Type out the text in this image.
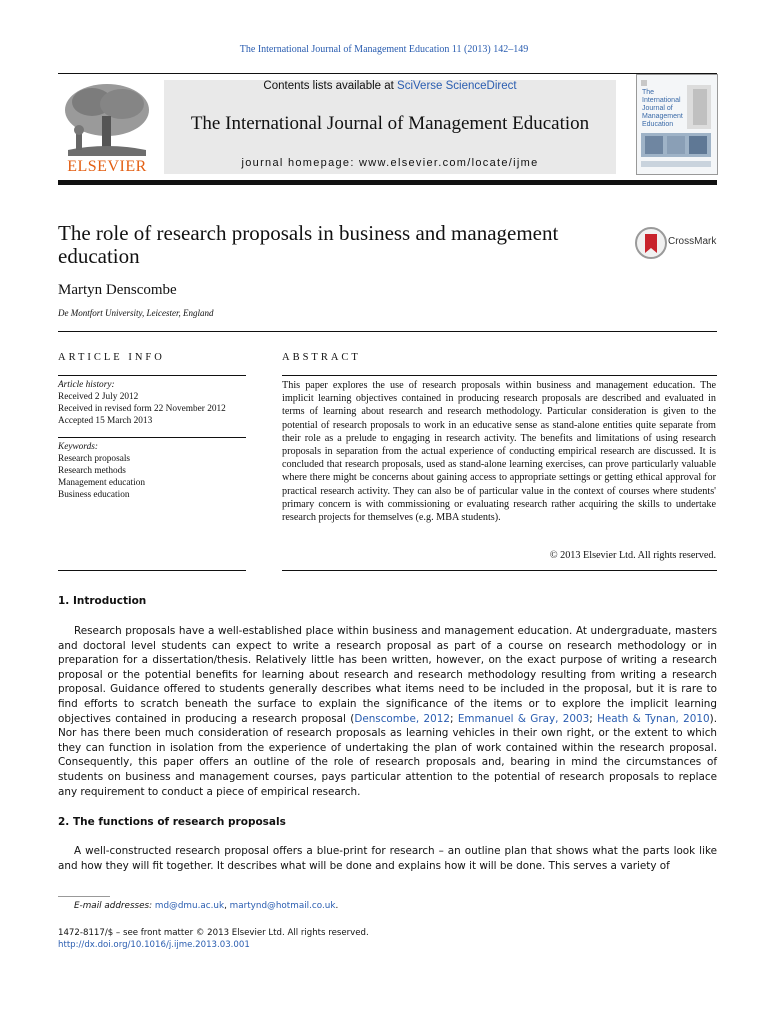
The International Journal of Management Education 11 (2013) 142–149
ELSEVIER
Contents lists available at SciVerse ScienceDirect
The International Journal of Management Education
journal homepage: www.elsevier.com/locate/ijme
The International Journal of Management Education
The role of research proposals in business and management education
CrossMark
Martyn Denscombe
De Montfort University, Leicester, England
ARTICLE INFO	ABSTRACT
Article history:
Received 2 July 2012
Received in revised form 22 November 2012
Accepted 15 March 2013
Keywords:
Research proposals
Research methods
Management education
Business education
This paper explores the use of research proposals within business and management education. The implicit learning objectives contained in producing research proposals are described and evaluated in terms of learning about research and research methodology. Particular consideration is given to the potential of research proposals to work in an educative sense as stand-alone entities quite separate from their role as a prelude to engaging in research activity. The benefits and limitations of using research proposals in separation from the actual experience of conducting empirical research are discussed. It is concluded that research proposals, used as stand-alone learning exercises, can prove particularly valuable where there might be concerns about gaining access to appropriate settings or getting ethical approval for practical research activity. They can also be of particular value in the context of courses where students' primary concern is with commissioning or evaluating research rather acquiring the skills to undertake research projects for themselves (e.g. MBA students).
© 2013 Elsevier Ltd. All rights reserved.
1. Introduction

Research proposals have a well-established place within business and management education. At undergraduate, masters and doctoral level students can expect to write a research proposal as part of a course on research methodology or in preparation for a dissertation/thesis. Relatively little has been written, however, on the exact purpose of writing a research proposal or the potential benefits for learning about research and research methodology resulting from writing a research proposal. Guidance offered to students generally describes what items need to be included in the proposal, but it is rare to find efforts to scratch beneath the surface to explain the significance of the items or to explore the implicit learning objectives contained in producing a research proposal (Denscombe, 2012; Emmanuel & Gray, 2003; Heath & Tynan, 2010). Nor has there been much consideration of research proposals as learning vehicles in their own right, or the extent to which they can function in isolation from the experience of undertaking the plan of work contained within the research proposal. Consequently, this paper offers an outline of the role of research proposals and, bearing in mind the circumstances of students on business and management courses, pays particular attention to the potential of research proposals to replace any requirement to conduct a piece of empirical research.

2. The functions of research proposals

A well-constructed research proposal offers a blue-print for research – an outline plan that shows what the parts look like and how they will fit together. It describes what will be done and explains how it will be done. This serves a variety of

E-mail addresses: md@dmu.ac.uk, martynd@hotmail.co.uk.
1472-8117/$ – see front matter © 2013 Elsevier Ltd. All rights reserved.
http://dx.doi.org/10.1016/j.ijme.2013.03.001
